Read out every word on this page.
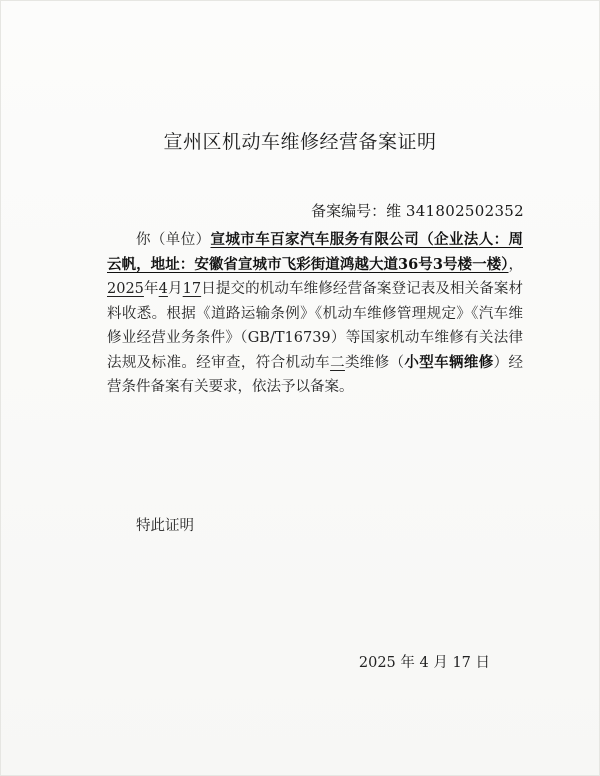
宣州区机动车维修经营备案证明
备案编号：维 341802502352
你（单位）宣城市车百家汽车服务有限公司（企业法人：周云帆，地址：安徽省宣城市飞彩街道鸿越大道36号3号楼一楼），2025年4月17日提交的机动车维修经营备案登记表及相关备案材料收悉。根据《道路运输条例》《机动车维修管理规定》《汽车维修业经营业务条件》（GB/T16739）等国家机动车维修有关法律法规及标准。经审查，符合机动车二类维修（小型车辆维修）经营条件备案有关要求，依法予以备案。
特此证明
2025 年 4 月 17 日
